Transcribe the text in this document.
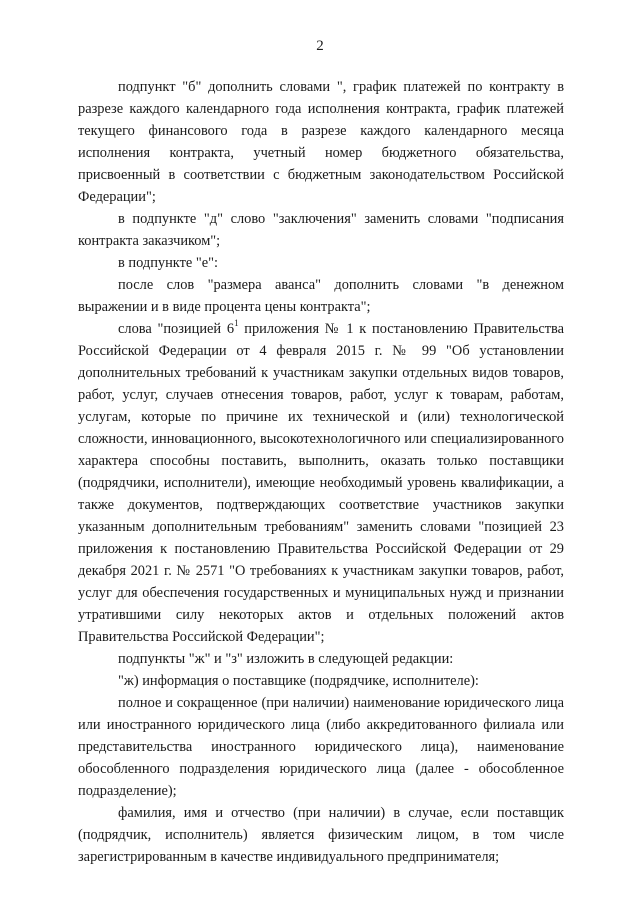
2

подпункт "б" дополнить словами ", график платежей по контракту в разрезе каждого календарного года исполнения контракта, график платежей текущего финансового года в разрезе каждого календарного месяца исполнения контракта, учетный номер бюджетного обязательства, присвоенный в соответствии с бюджетным законодательством Российской Федерации";

в подпункте "д" слово "заключения" заменить словами "подписания контракта заказчиком";

в подпункте "е":

после слов "размера аванса" дополнить словами "в денежном выражении и в виде процента цены контракта";

слова "позицией $6^1$ приложения № 1 к постановлению Правительства Российской Федерации от 4 февраля 2015 г. № 99 "Об установлении дополнительных требований к участникам закупки отдельных видов товаров, работ, услуг, случаев отнесения товаров, работ, услуг к товарам, работам, услугам, которые по причине их технической и (или) технологической сложности, инновационного, высокотехнологичного или специализированного характера способны поставить, выполнить, оказать только поставщики (подрядчики, исполнители), имеющие необходимый уровень квалификации, а также документов, подтверждающих соответствие участников закупки указанным дополнительным требованиям" заменить словами "позицией 23 приложения к постановлению Правительства Российской Федерации от 29 декабря 2021 г. № 2571 "О требованиях к участникам закупки товаров, работ, услуг для обеспечения государственных и муниципальных нужд и признании утратившими силу некоторых актов и отдельных положений актов Правительства Российской Федерации";

подпункты "ж" и "з" изложить в следующей редакции:

"ж) информация о поставщике (подрядчике, исполнителе):

полное и сокращенное (при наличии) наименование юридического лица или иностранного юридического лица (либо аккредитованного филиала или представительства иностранного юридического лица), наименование обособленного подразделения юридического лица (далее - обособленное подразделение);

фамилия, имя и отчество (при наличии) в случае, если поставщик (подрядчик, исполнитель) является физическим лицом, в том числе зарегистрированным в качестве индивидуального предпринимателя;
